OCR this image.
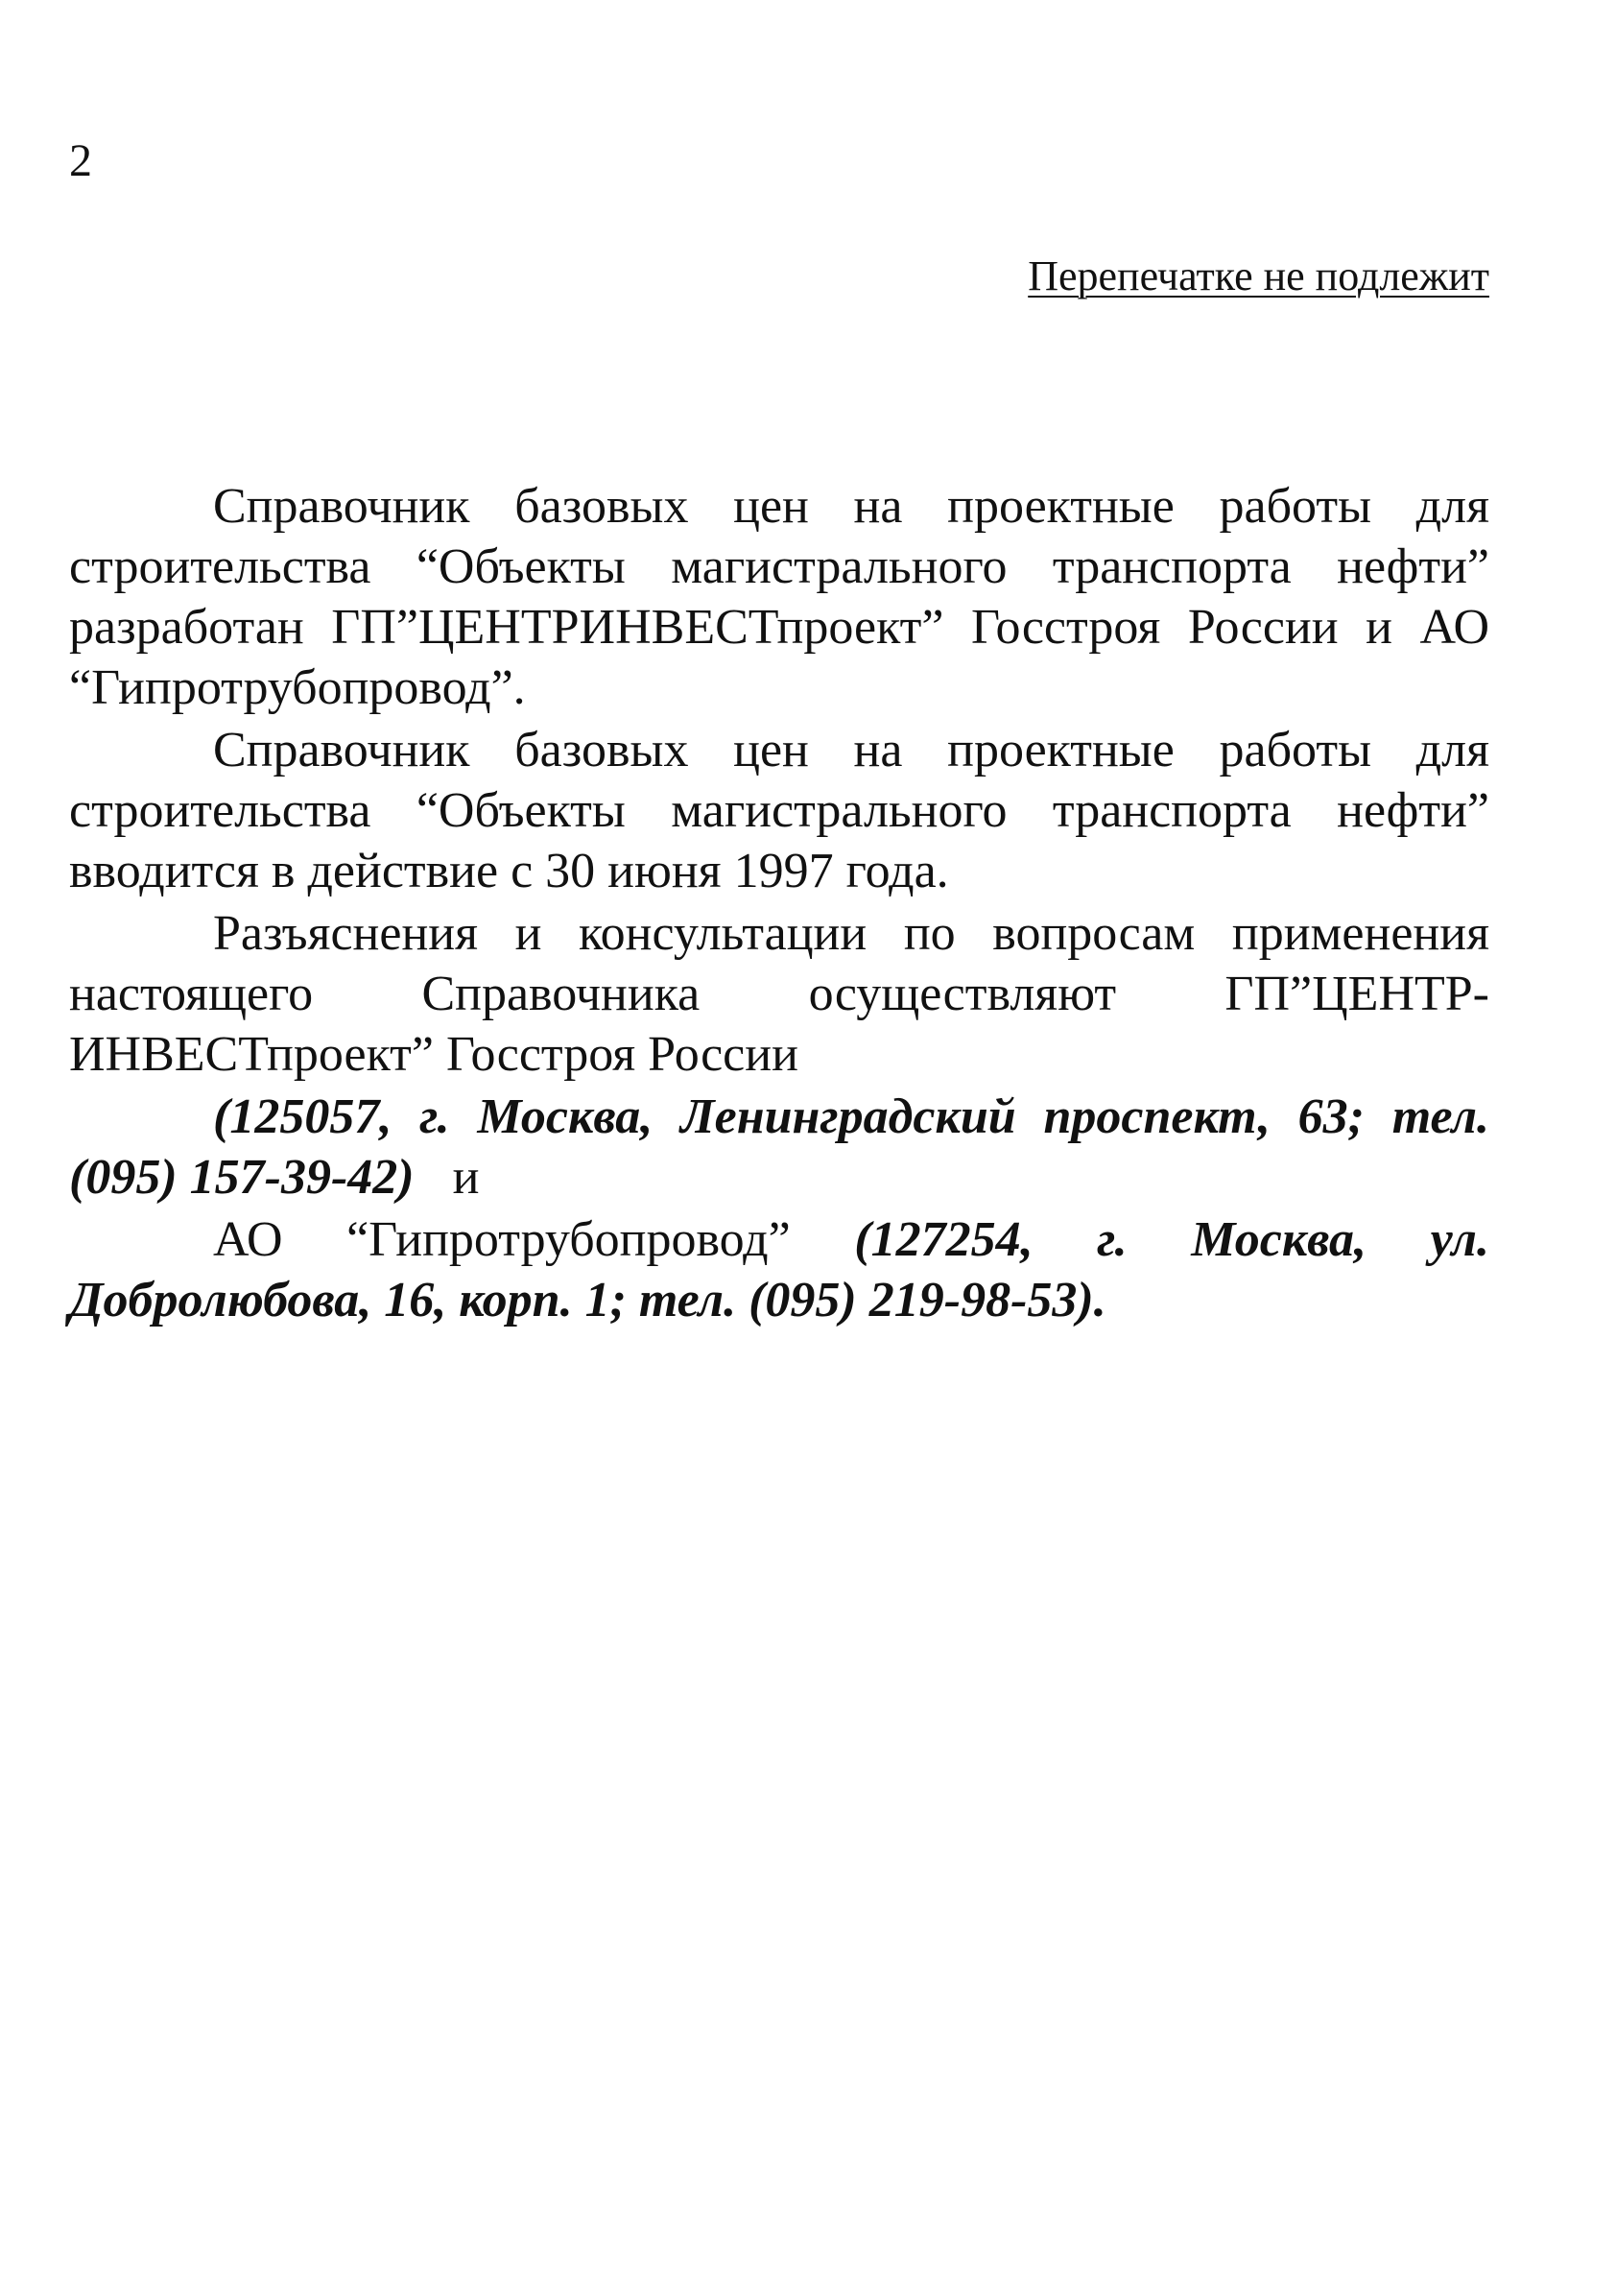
2
Перепечатке не подлежит

Справочник базовых цен на проектные работы для строительства “Объекты магистрального транспорта нефти” разработан ГП”ЦЕНТРИНВЕСТпроект” Госстроя России и АО “Гипротрубопровод”.

Справочник базовых цен на проектные работы для строительства “Объекты магистрального транспорта нефти” вводится в действие с 30 июня 1997 года.

Разъяснения и консультации по вопросам применения настоящего Справочника осуществляют ГП”ЦЕНТР-ИНВЕСТпроект” Госстроя России

(125057, г. Москва, Ленинградский проспект, 63; тел. (095) 157-39-42) и

АО “Гипротрубопровод” (127254, г. Москва, ул. Добролюбова, 16, корп. 1; тел. (095) 219-98-53).
